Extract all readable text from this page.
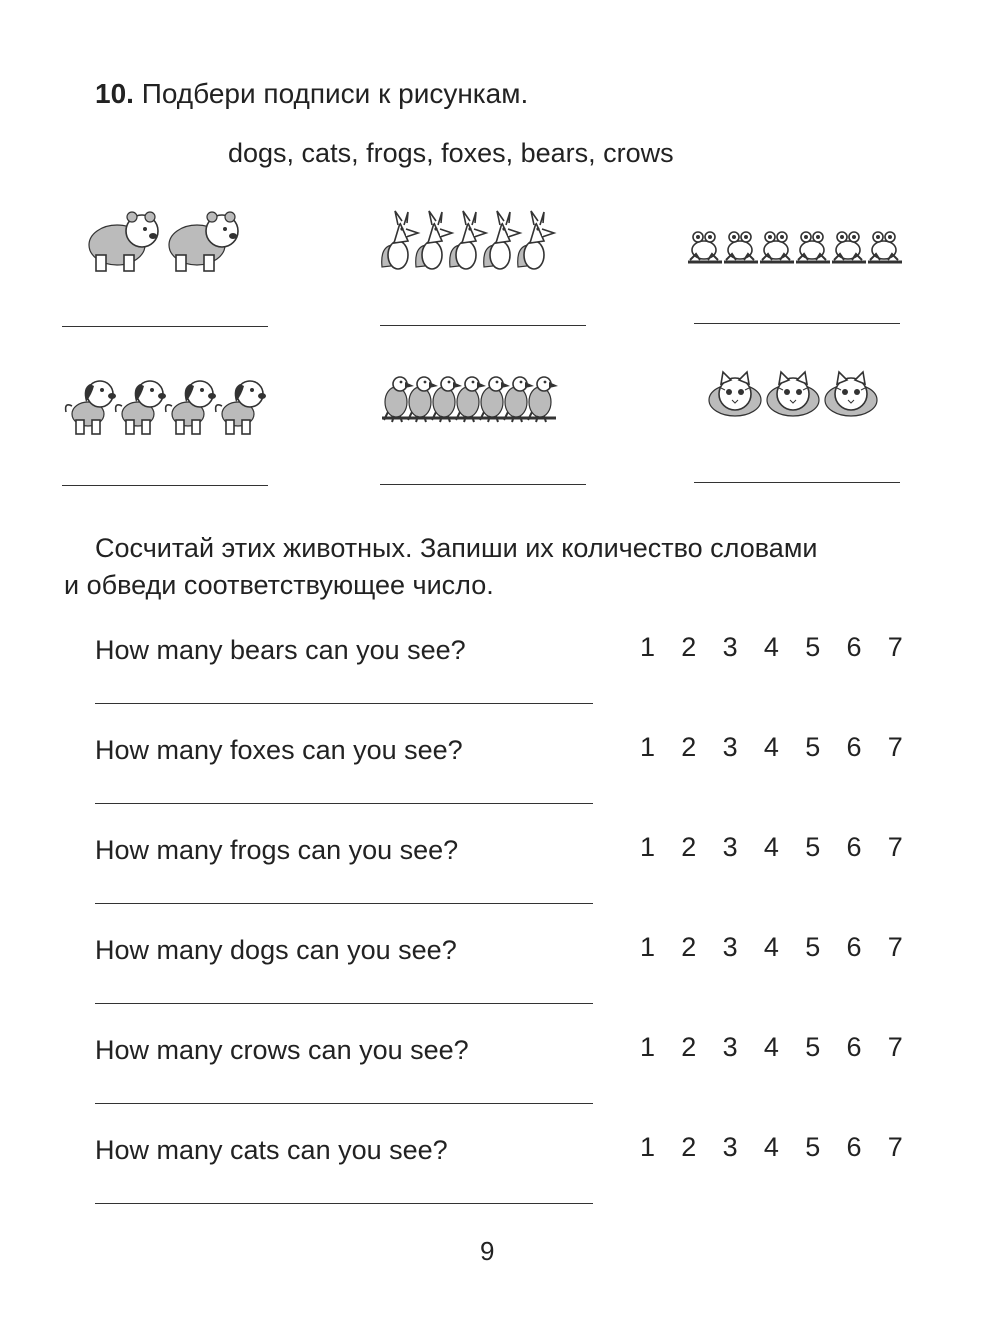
10. Подбери подписи к рисункам.
dogs, cats, frogs, foxes, bears, crows
Сосчитай этих животных. Запиши их количество словами
и обведи соответствующее число.
How many bears can you see?	1 2 3 4 5 6 7
How many foxes can you see?	1 2 3 4 5 6 7
How many frogs can you see?	1 2 3 4 5 6 7
How many dogs can you see?	1 2 3 4 5 6 7
How many crows can you see?	1 2 3 4 5 6 7
How many cats can you see?	1 2 3 4 5 6 7
9
